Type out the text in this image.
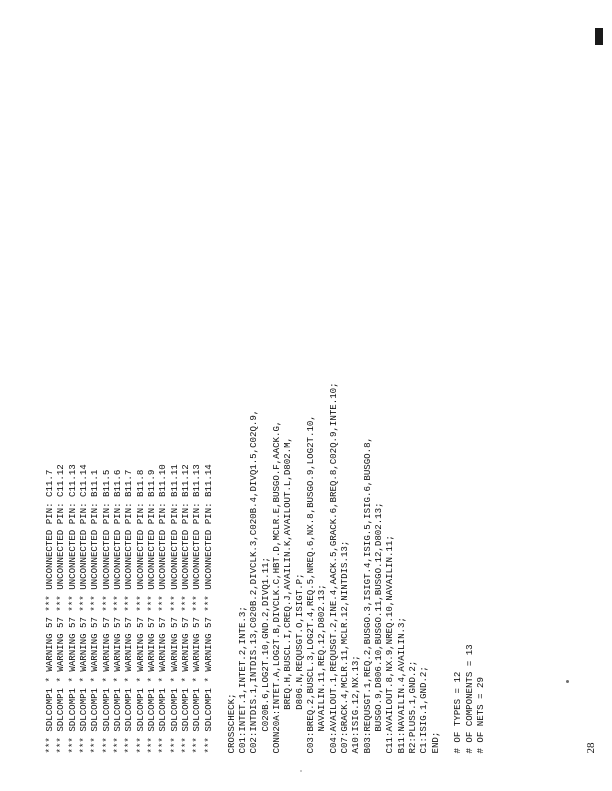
*** SDLCOMP1 * WARNING 57 *** UNCONNECTED PIN: C11.7 *** SDLCOMP1 * WARNING 57 *** UNCONNECTED PIN: C11.12 *** SDLCOMP1 * WARNING 57 *** UNCONNECTED PIN: C11.13 *** SDLCOMP1 * WARNING 57 *** UNCONNECTED PIN: C11.14 *** SDLCOMP1 * WARNING 57 *** UNCONNECTED PIN: B11.1 *** SDLCOMP1 * WARNING 57 *** UNCONNECTED PIN: B11.5 *** SDLCOMP1 * WARNING 57 *** UNCONNECTED PIN: B11.6 *** SDLCOMP1 * WARNING 57 *** UNCONNECTED PIN: B11.7 *** SDLCOMP1 * WARNING 57 *** UNCONNECTED PIN: B11.8 *** SDLCOMP1 * WARNING 57 *** UNCONNECTED PIN: B11.9 *** SDLCOMP1 * WARNING 57 *** UNCONNECTED PIN: B11.10 *** SDLCOMP1 * WARNING 57 *** UNCONNECTED PIN: B11.11 *** SDLCOMP1 * WARNING 57 *** UNCONNECTED PIN: B11.12 *** SDLCOMP1 * WARNING 57 *** UNCONNECTED PIN: B11.13 *** SDLCOMP1 * WARNING 57 *** UNCONNECTED PIN: B11.14 CROSSCHECK; C01:INTET.1,INTET.2,INTE.3; C02:INTDIS.1,INTDIS.13,C020B.2,DIVCLK.3,C020B.4,DIVQ1.5,C02Q.9, C020B.6,LOG2T.10,GND.2,DIVQ1.11; CONN20A:INTET.A,LOG2T.B,DIVCLK.C,HBT.D,MCLR.E,BUSGO.F,AACK.G, BREQ.H,BUSCL.I,CREQ.J,AVAILIN.K,AVAILOUT.L,D802.M, D806.N,REQUSGT.O,ISIGT.P; C03:BREQ.2,BUSCL.3,LOG2T.4,REQ.5,NREQ.6,NX.8,BUSGO.9,LOG2T.10, NAVAILIN.11,REQ.12,D802.13; C04:AVAILOUT.1,REQUSGT.2,INE.4,AACK.5,GRACK.6,BREQ.8,C02Q.9,INTE.10; C07:GRACK.4,MCLR.11,MCLR.12,NINTDIS.13; A10:ISIG.12,NX.13; B03:REQUSGT.1,REQ.2,BUSGO.3,ISIGT.4,ISIG.5,ISIG.6,BUSGO.8, BUSGO.9,D806.10,BUSGO.11,BUSGO.12,D802.13; C11:AVAILOUT.8,NX.9,NREQ.10,NAVAILIN.11; B11:NAVAILIN.4,AVAILIN.3; R2:PLUS5.1,GND.2; C1:ISIG.1,GND.2; END; # OF TYPES = 12 # OF COMPONENTS = 13 # OF NETS = 29	28
